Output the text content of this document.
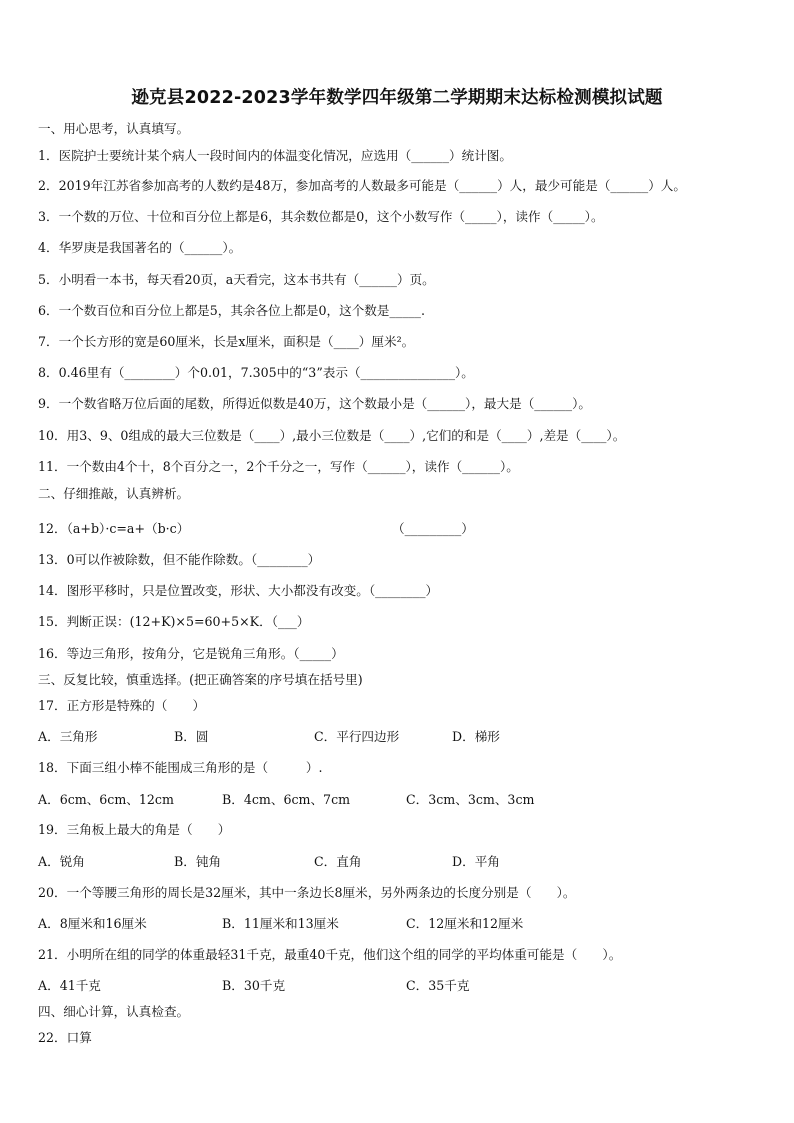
逊克县2022-2023学年数学四年级第二学期期末达标检测模拟试题
一、用心思考，认真填写。
1．医院护士要统计某个病人一段时间内的体温变化情况，应选用（______）统计图。
2．2019年江苏省参加高考的人数约是48万，参加高考的人数最多可能是（______）人，最少可能是（______）人。
3．一个数的万位、十位和百分位上都是6，其余数位都是0，这个小数写作（_____），读作（_____）。
4．华罗庚是我国著名的（______）。
5．小明看一本书，每天看20页，a天看完，这本书共有（______）页。
6．一个数百位和百分位上都是5，其余各位上都是0，这个数是_____.
7．一个长方形的宽是60厘米，长是x厘米，面积是（____）厘米²。
8．0.46里有（________）个0.01，7.305中的“3”表示（_______________）。
9．一个数省略万位后面的尾数，所得近似数是40万，这个数最小是（______），最大是（______）。
10．用3、9、0组成的最大三位数是（____）,最小三位数是（____）,它们的和是（____）,差是（____）。
11．一个数由4个十，8个百分之一，2个千分之一，写作（______），读作（______）。
二、仔细推敲，认真辨析。
12．（a+b）·c=a+（b·c）	（_________）
13．0可以作被除数，但不能作除数。（________）
14．图形平移时，只是位置改变，形状、大小都没有改变。（________）
15．判断正误：(12+K)×5=60+5×K．（___）
16．等边三角形，按角分，它是锐角三角形。（_____）
三、反复比较，慎重选择。(把正确答案的序号填在括号里)
17．正方形是特殊的（　　）
A．三角形	B．圆	C．平行四边形	D．梯形
18．下面三组小棒不能围成三角形的是（　　　）.
A．6cm、6cm、12cm	B．4cm、6cm、7cm	C．3cm、3cm、3cm
19．三角板上最大的角是（　　）
A．锐角	B．钝角	C．直角	D．平角
20．一个等腰三角形的周长是32厘米，其中一条边长8厘米，另外两条边的长度分别是（　　）。
A．8厘米和16厘米	B．11厘米和13厘米	C．12厘米和12厘米
21．小明所在组的同学的体重最轻31千克，最重40千克，他们这个组的同学的平均体重可能是（　　）。
A．41千克	B．30千克	C．35千克
四、细心计算，认真检查。
22．口算
